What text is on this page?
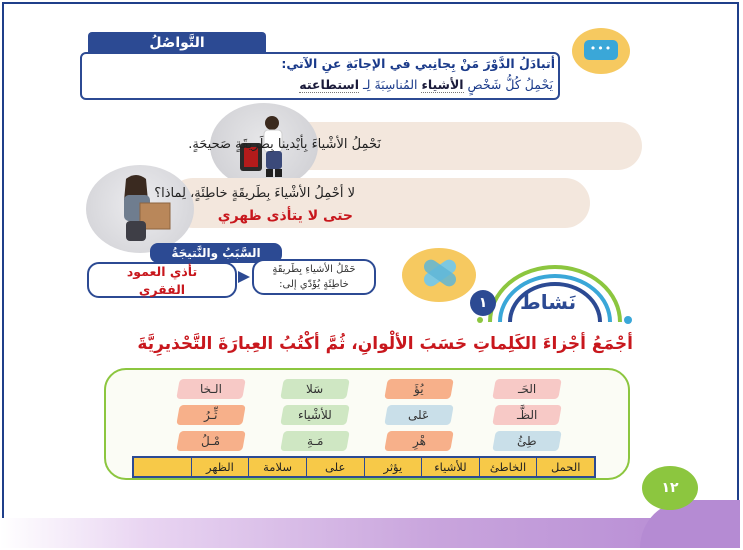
•••
التَّواصُلُ
أتبادَلُ الدَّوْرَ مَنْ بِجانِبي في الإجابَةِ عنِ الآتي:
يَحْمِلُ كُلُّ شَخْصٍ الأشياء المُناسِبَةَ لِـ استطاعته
نَحْمِلُ الأشْياءَ بِأيْدينا بِطَريقَةٍ صَحيحَةٍ.
لا أحْمِلُ الأشْياءَ بِطَريقَةٍ خاطِئَةٍ، لِماذا؟
حتى لا يتأذى ظهري
السَّبَبُ والنَّتيجَةُ
تأذي العمود
الفقري
حَمْلُ الأشياءِ بِطَريقَةٍ
خاطِئَةٍ يُؤَدّي إلى:
نَشاط
١
أجْمَعُ أجْزاءَ الكَلِماتِ حَسَبَ الألْوانِ، ثُمَّ أكْتُبُ العِبارَةَ التَّحْذيرِيَّةَ
الحَـ
يُؤَ
سَلا
الـخا
الظَّـ
عَلى
للأشْياء
ثِّـرُ
طِئُ
هْرِ
مَـةِ
مْـلُ
الحمل
الخاطئ
للأشياء
يؤثر
على
سلامة
الظهر
١٢
